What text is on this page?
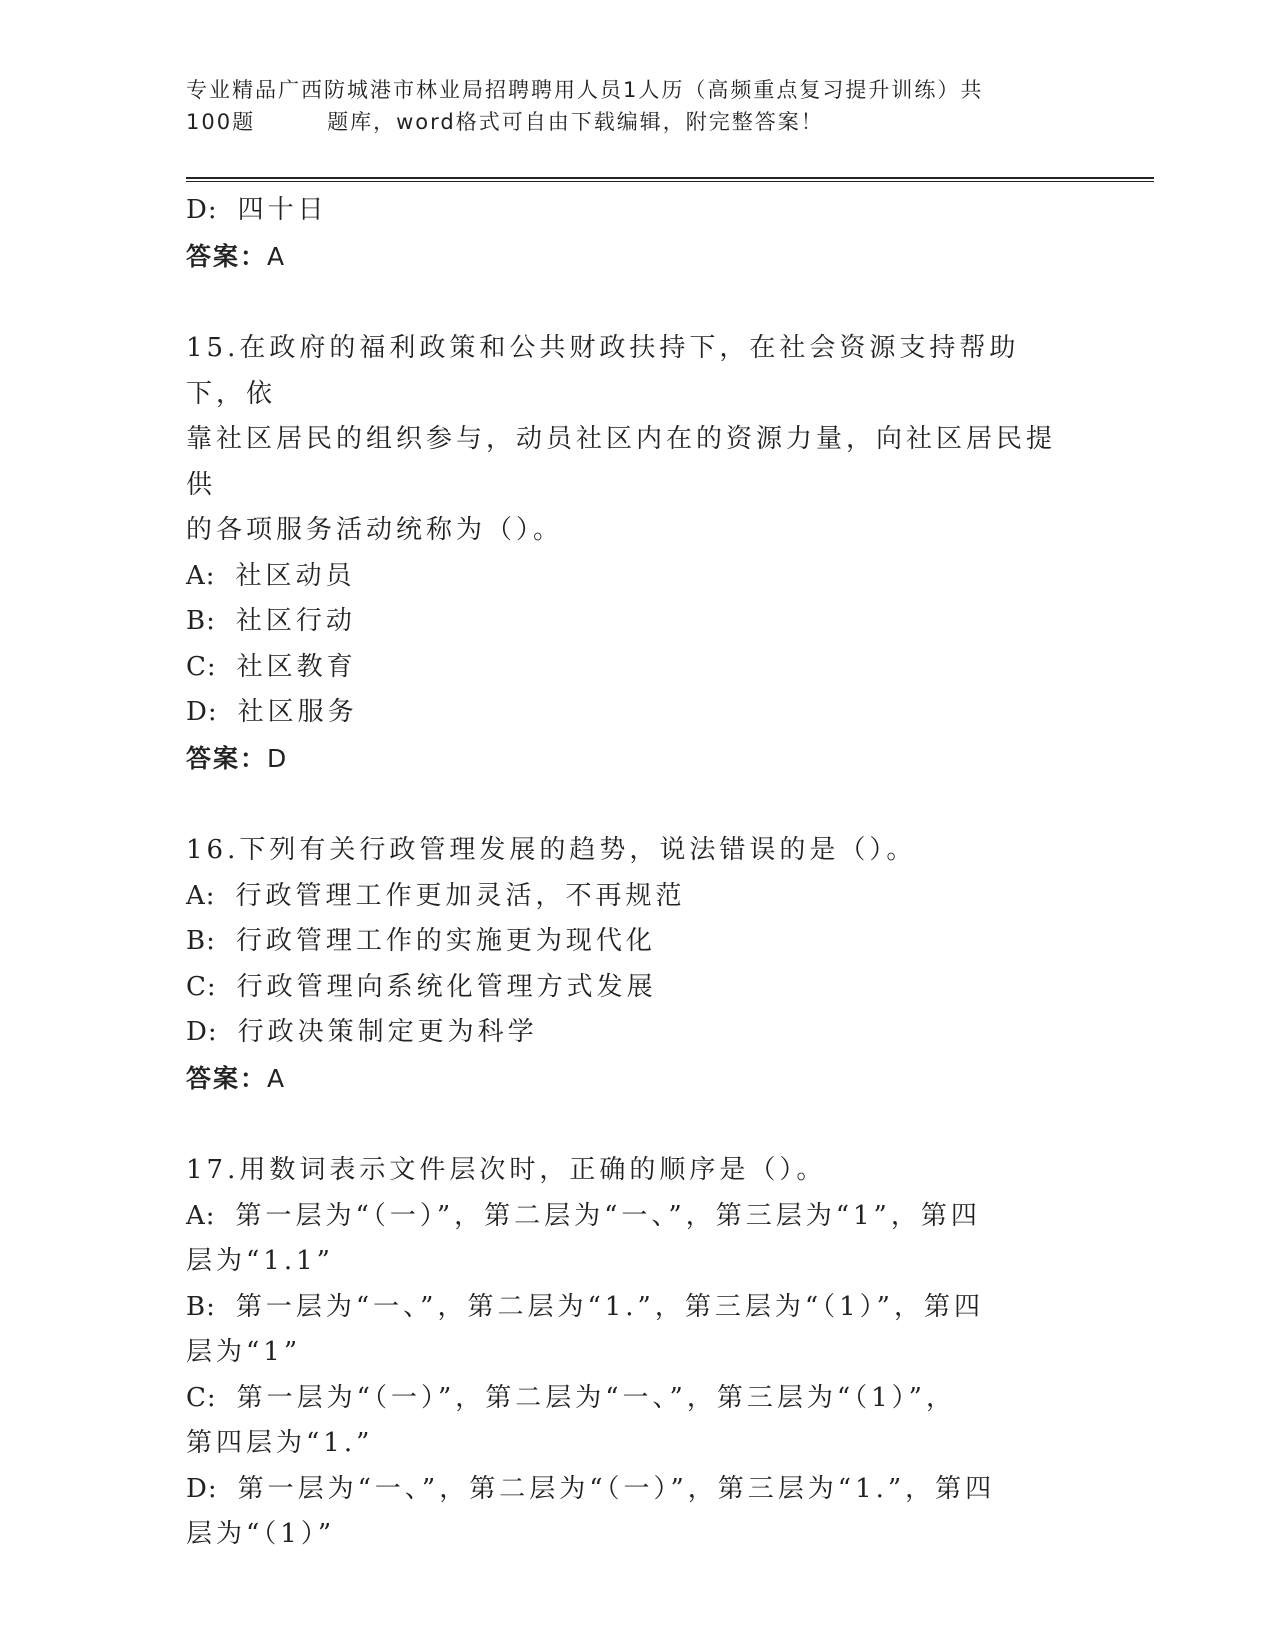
专业精品广西防城港市林业局招聘聘用人员1人历（高频重点复习提升训练）共
100题	题库，word格式可自由下载编辑，附完整答案！
D: 四十日
答案：A
15.在政府的福利政策和公共财政扶持下，在社会资源支持帮助下，依
靠社区居民的组织参与，动员社区内在的资源力量，向社区居民提供
的各项服务活动统称为（）。
A: 社区动员
B: 社区行动
C: 社区教育
D: 社区服务
答案：D
16.下列有关行政管理发展的趋势，说法错误的是（）。
A: 行政管理工作更加灵活，不再规范
B: 行政管理工作的实施更为现代化
C: 行政管理向系统化管理方式发展
D: 行政决策制定更为科学
答案：A
17.用数词表示文件层次时，正确的顺序是（）。
A: 第一层为“（一）”，第二层为“一、”，第三层为“1”，第四
层为“1.1”
B: 第一层为“一、”，第二层为“1.”，第三层为“（1）”，第四
层为“1”
C: 第一层为“（一）”，第二层为“一、”，第三层为“（1）”，
第四层为“1.”
D: 第一层为“一、”，第二层为“（一）”，第三层为“1.”，第四
层为“（1）”
